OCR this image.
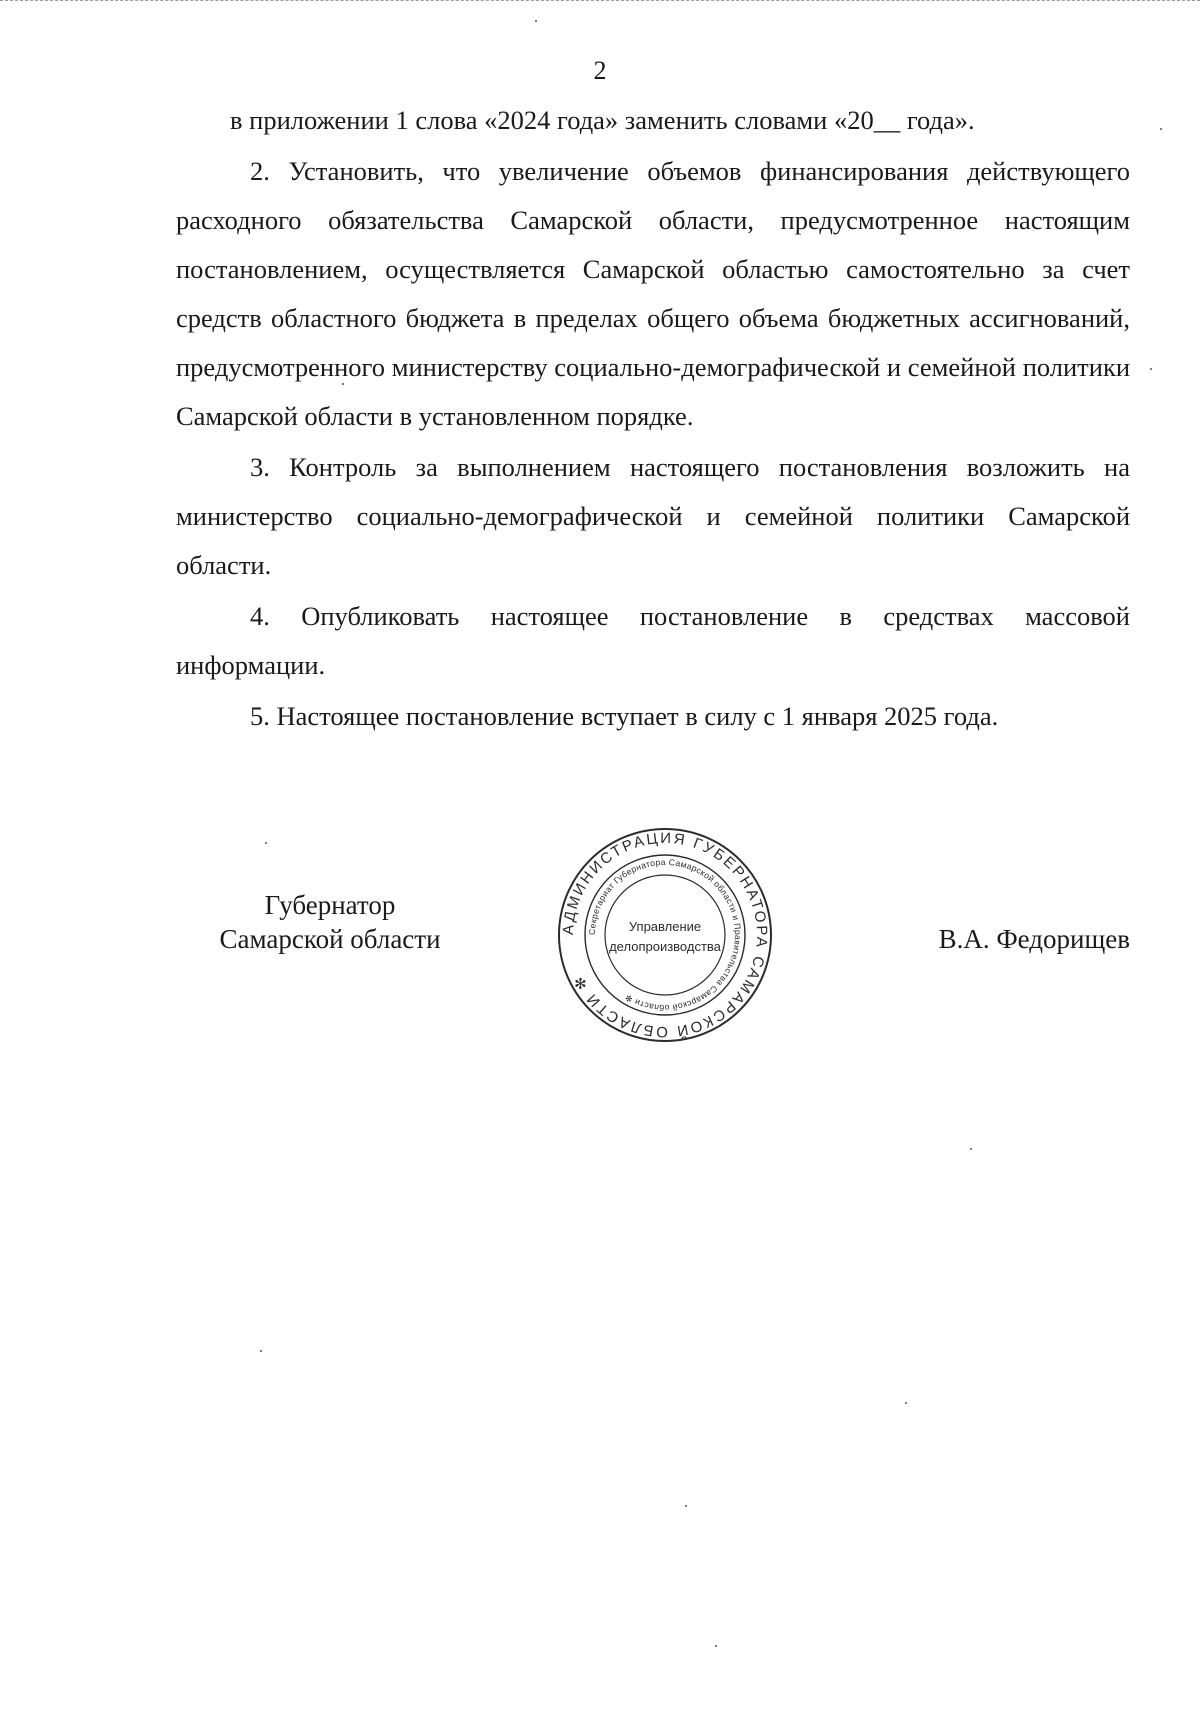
2

в приложении 1 слова «2024 года» заменить словами «20__ года».

2. Установить, что увеличение объемов финансирования действующего расходного обязательства Самарской области, предусмотренное настоящим постановлением, осуществляется Самарской областью самостоятельно за счет средств областного бюджета в пределах общего объема бюджетных ассигнований, предусмотренного министерству социально-демографической и семейной политики Самарской области в установленном порядке.

3. Контроль за выполнением настоящего постановления возложить на министерство социально-демографической и семейной политики Самарской области.

4. Опубликовать настоящее постановление в средствах массовой информации.

5. Настоящее постановление вступает в силу с 1 января 2025 года.

Губернатор
Самарской области	В.А. Федорищев
АДМИНИСТРАЦИЯ ГУБЕРНАТОРА САМАРСКОЙ ОБЛАСТИ ✻
Секретариат Губернатора Самарской области и Правительства Самарской области ✻
Управление
делопроизводства
